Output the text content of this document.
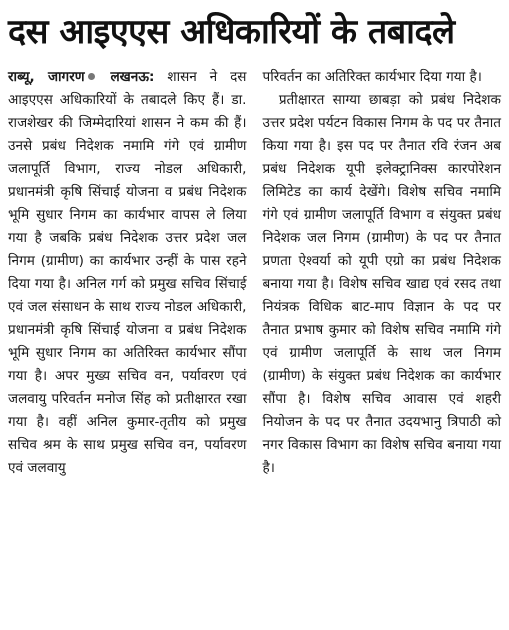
दस आइएएस अधिकारियों के तबादले

राब्यू, जागरण लखनऊ: शासन ने दस आइएएस अधिकारियों के तबादले किए हैं। डा. राजशेखर की जिम्मेदारियां शासन ने कम की हैं। उनसे प्रबंध निदेशक नमामि गंगे एवं ग्रामीण जलापूर्ति विभाग, राज्य नोडल अधिकारी, प्रधानमंत्री कृषि सिंचाई योजना व प्रबंध निदेशक भूमि सुधार निगम का कार्यभार वापस ले लिया गया है जबकि प्रबंध निदेशक उत्तर प्रदेश जल निगम (ग्रामीण) का कार्यभार उन्हीं के पास रहने दिया गया है। अनिल गर्ग को प्रमुख सचिव सिंचाई एवं जल संसाधन के साथ राज्य नोडल अधिकारी, प्रधानमंत्री कृषि सिंचाई योजना व प्रबंध निदेशक भूमि सुधार निगम का अतिरिक्त कार्यभार सौंपा गया है। अपर मुख्य सचिव वन, पर्यावरण एवं जलवायु परिवर्तन मनोज सिंह को प्रतीक्षारत रखा गया है। वहीं अनिल कुमार-तृतीय को प्रमुख सचिव श्रम के साथ प्रमुख सचिव वन, पर्यावरण एवं जलवायु

परिवर्तन का अतिरिक्त कार्यभार दिया गया है।

प्रतीक्षारत साग्या छाबड़ा को प्रबंध निदेशक उत्तर प्रदेश पर्यटन विकास निगम के पद पर तैनात किया गया है। इस पद पर तैनात रवि रंजन अब प्रबंध निदेशक यूपी इलेक्ट्रानिक्स कारपोरेशन लिमिटेड का कार्य देखेंगे। विशेष सचिव नमामि गंगे एवं ग्रामीण जलापूर्ति विभाग व संयुक्त प्रबंध निदेशक जल निगम (ग्रामीण) के पद पर तैनात प्रणता ऐश्वर्या को यूपी एग्रो का प्रबंध निदेशक बनाया गया है। विशेष सचिव खाद्य एवं रसद तथा नियंत्रक विधिक बाट-माप विज्ञान के पद पर तैनात प्रभाष कुमार को विशेष सचिव नमामि गंगे एवं ग्रामीण जलापूर्ति के साथ जल निगम (ग्रामीण) के संयुक्त प्रबंध निदेशक का कार्यभार सौंपा है। विशेष सचिव आवास एवं शहरी नियोजन के पद पर तैनात उदयभानु त्रिपाठी को नगर विकास विभाग का विशेष सचिव बनाया गया है।
